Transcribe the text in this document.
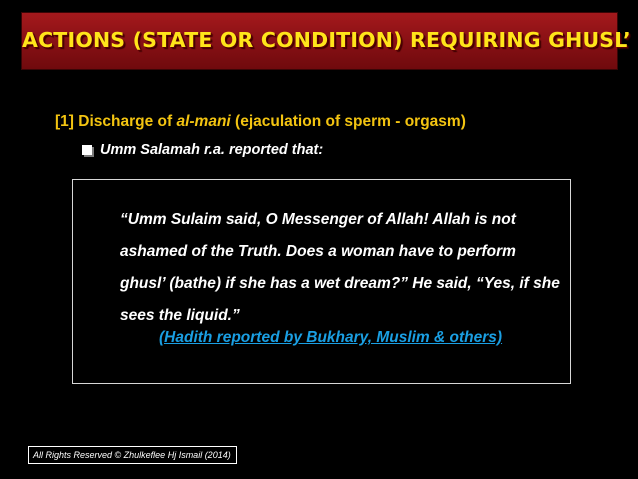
ACTIONS (STATE OR CONDITION) REQUIRING GHUSL’
[1] Discharge of al-mani (ejaculation of sperm - orgasm)
Umm Salamah r.a. reported that:

“Umm Sulaim said, O Messenger of Allah! Allah is not ashamed of the Truth. Does a woman have to perform ghusl’ (bathe) if she has a wet dream?” He said, “Yes, if she sees the liquid.”

(Hadith reported by Bukhary, Muslim & others)
All Rights Reserved © Zhulkeflee Hj Ismail (2014)
